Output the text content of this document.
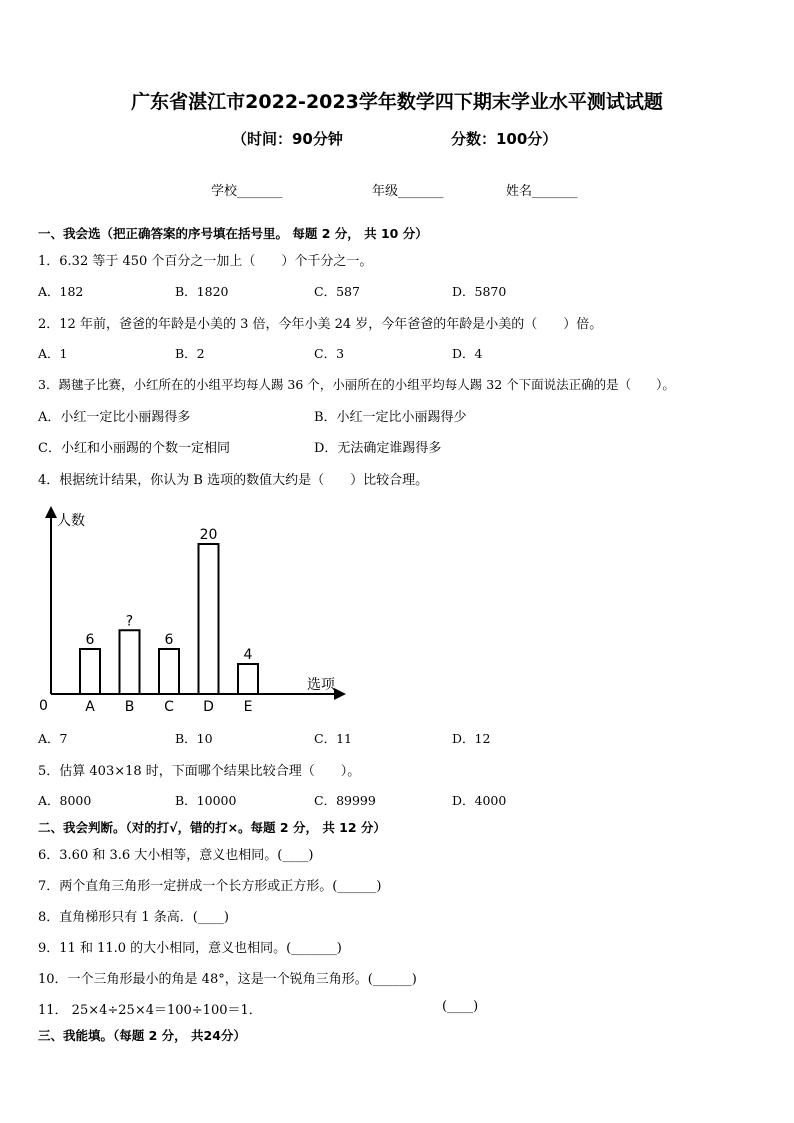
广东省湛江市2022-2023学年数学四下期末学业水平测试试题
（时间：90分钟	分数：100分）
学校_______	年级_______	姓名_______
一、我会选（把正确答案的序号填在括号里。 每题 2 分， 共 10 分）
1．6.32 等于 450 个百分之一加上（　　）个千分之一。
A．182	B．1820	C．587	D．5870
2．12 年前，爸爸的年龄是小美的 3 倍，今年小美 24 岁，今年爸爸的年龄是小美的（　　）倍。
A．1	B．2	C．3	D．4
3．踢毽子比赛，小红所在的小组平均每人踢 36 个，小丽所在的小组平均每人踢 32 个下面说法正确的是（　　）。
A．小红一定比小丽踢得多	B．小红一定比小丽踢得少
C．小红和小丽踢的个数一定相同	D．无法确定谁踢得多
4．根据统计结果，你认为 B 选项的数值大约是（　　）比较合理。
人数
选项
0
6
A
?
B
6
C
20
D
4
E
A．7	B．10	C．11	D．12
5．估算 403×18 时，下面哪个结果比较合理（　　）。
A．8000	B．10000	C．89999	D．4000
二、我会判断。（对的打√，错的打×。每题 2 分， 共 12 分）
6．3.60 和 3.6 大小相等，意义也相同。(____)
7．两个直角三角形一定拼成一个长方形或正方形。(______)
8．直角梯形只有 1 条高．(____)
9．11 和 11.0 的大小相同，意义也相同。(_______)
10．一个三角形最小的角是 48°，这是一个锐角三角形。(______)
11． 25×4÷25×4＝100÷100＝1．	(____)
三、我能填。（每题 2 分， 共24分）
